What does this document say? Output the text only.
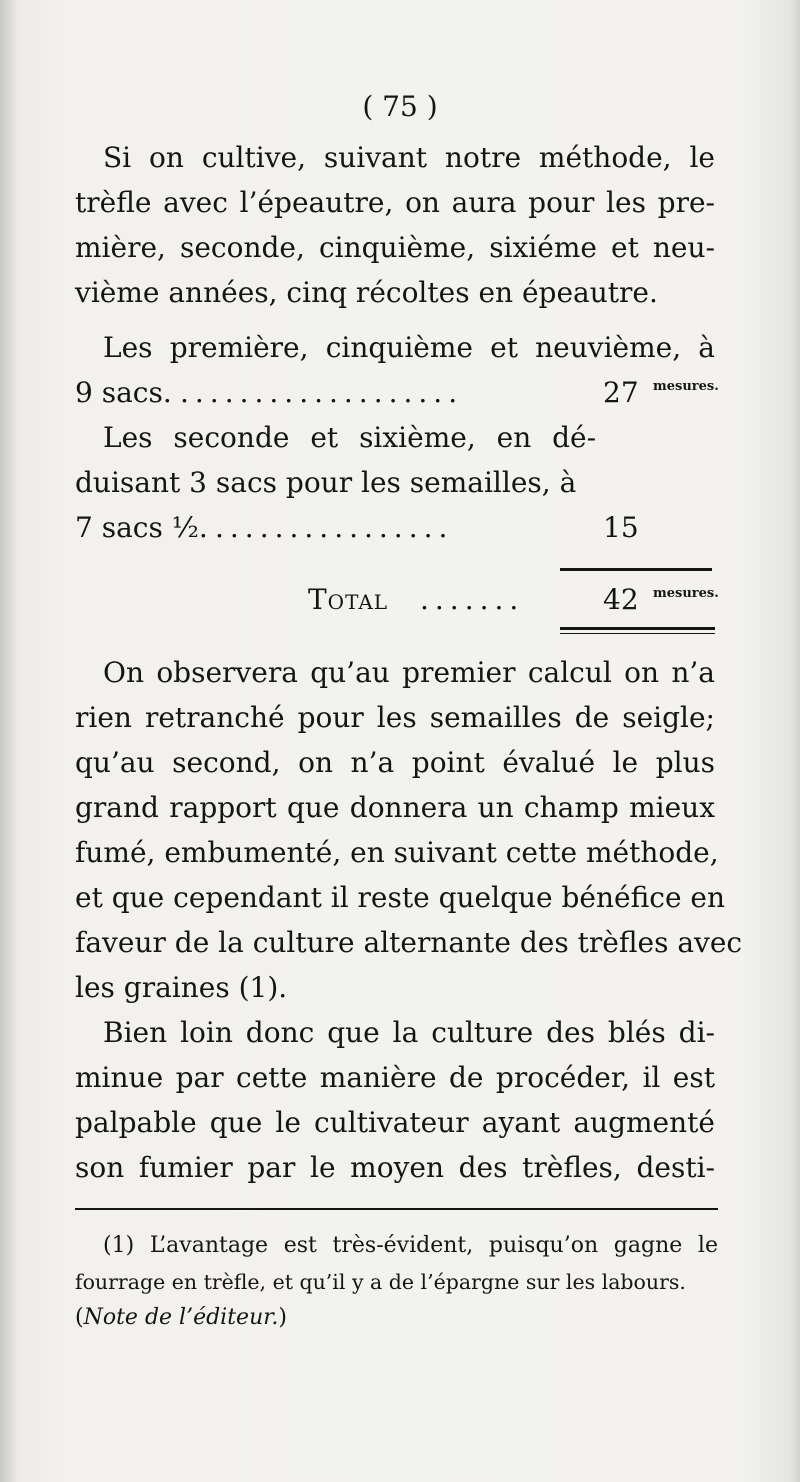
( 75 )
Si on cultive, suivant notre méthode, le
trèfle avec l’épeautre, on aura pour les pre-
mière, seconde, cinquième, sixiéme et neu-
vième années, cinq récoltes en épeautre.
Les première, cinquième et neuvième, à
9 sacs. ...................	27 mesures.
Les seconde et sixième, en dé-
duisant 3 sacs pour les semailles, à
7 sacs ½. ................	15
Total .......	42 mesures.
On observera qu’au premier calcul on n’a
rien retranché pour les semailles de seigle;
qu’au second, on n’a point évalué le plus
grand rapport que donnera un champ mieux
fumé, embumenté, en suivant cette méthode,
et que cependant il reste quelque bénéfice en
faveur de la culture alternante des trèfles avec
les graines (1).
Bien loin donc que la culture des blés di-
minue par cette manière de procéder, il est
palpable que le cultivateur ayant augmenté
son fumier par le moyen des trèfles, desti-
(1) L’avantage est très-évident, puisqu’on gagne le
fourrage en trèfle, et qu’il y a de l’épargne sur les labours.
(Note de l’éditeur.)
